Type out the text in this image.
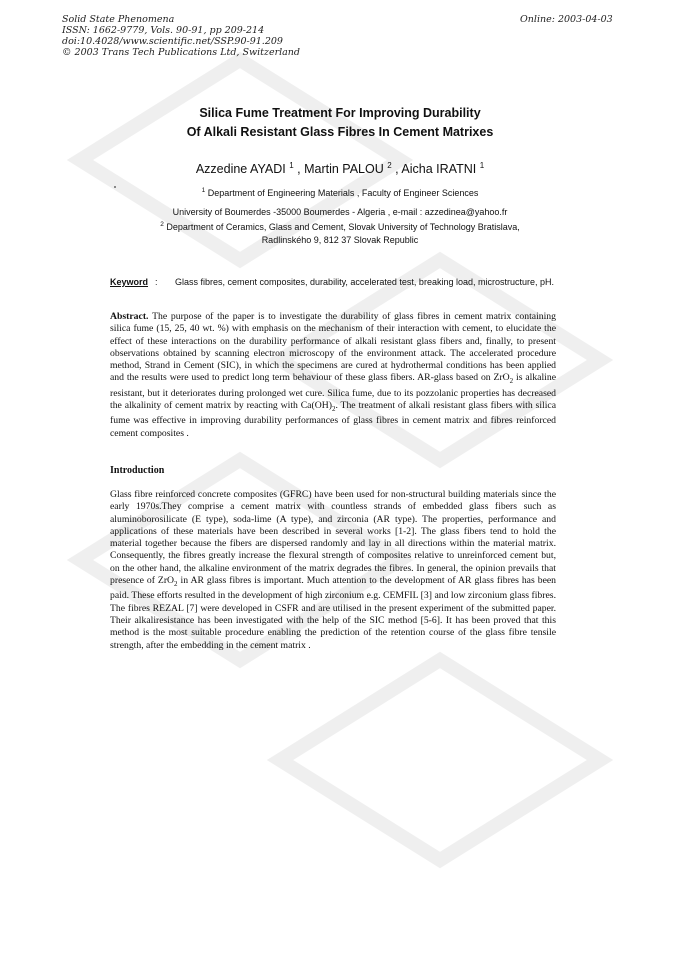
Solid State Phenomena
ISSN: 1662-9779, Vols. 90-91, pp 209-214
doi:10.4028/www.scientific.net/SSP.90-91.209
© 2003 Trans Tech Publications Ltd, Switzerland
Online: 2003-04-03
Silica Fume Treatment For Improving Durability
Of Alkali Resistant Glass Fibres In Cement Matrixes
Azzedine AYADI $^1$ , Martin PALOU $^2$ , Aicha IRATNI $^1$
$^1$ Department of Engineering Materials , Faculty of Engineer Sciences
University of Boumerdes -35000 Boumerdes - Algeria , e-mail : azzedinea@yahoo.fr
$^2$ Department of Ceramics, Glass and Cement, Slovak University of Technology Bratislava,
Radlinského 9, 812 37 Slovak Republic
Keyword : Glass fibres, cement composites, durability, accelerated test, breaking load, microstructure, pH.
Abstract. The purpose of the paper is to investigate the durability of glass fibres in cement matrix containing silica fume (15, 25, 40 wt. %) with emphasis on the mechanism of their interaction with cement, to elucidate the effect of these interactions on the durability performance of alkali resistant glass fibers and, finally, to present observations obtained by scanning electron microscopy of the environment attack. The accelerated procedure method, Strand in Cement (SIC), in which the specimens are cured at hydrothermal conditions has been applied and the results were used to predict long term behaviour of these glass fibers. AR-glass based on ZrO$_2$ is alkaline resistant, but it deteriorates during prolonged wet cure. Silica fume, due to its pozzolanic properties has decreased the alkalinity of cement matrix by reacting with $Ca(OH)_2$. The treatment of alkali resistant glass fibers with silica fume was effective in improving durability performances of glass fibres in cement matrix and fibres reinforced cement composites .
Introduction
Glass fibre reinforced concrete composites (GFRC) have been used for non-structural building materials since the early 1970s.They comprise a cement matrix with countless strands of embedded glass fibers such as aluminoborosilicate (E type), soda-lime (A type), and zirconia (AR type). The properties, performance and applications of these materials have been described in several works [1-2]. The glass fibers tend to hold the material together because the fibers are dispersed randomly and lay in all directions within the material matrix. Consequently, the fibres greatly increase the flexural strength of composites relative to unreinforced cement but, on the other hand, the alkaline environment of the matrix degrades the fibres. In general, the opinion prevails that presence of ZrO$_2$ in AR glass fibres is important. Much attention to the development of AR glass fibres has been paid. These efforts resulted in the development of high zirconium e.g. CEMFIL [3] and low zirconium glass fibres. The fibres REZAL [7] were developed in CSFR and are utilised in the present experiment of the submitted paper. Their alkaliresistance has been investigated with the help of the SIC method [5-6]. It has been proved that this method is the most suitable procedure enabling the prediction of the retention course of the glass fibre tensile strength, after the embedding in the cement matrix .
